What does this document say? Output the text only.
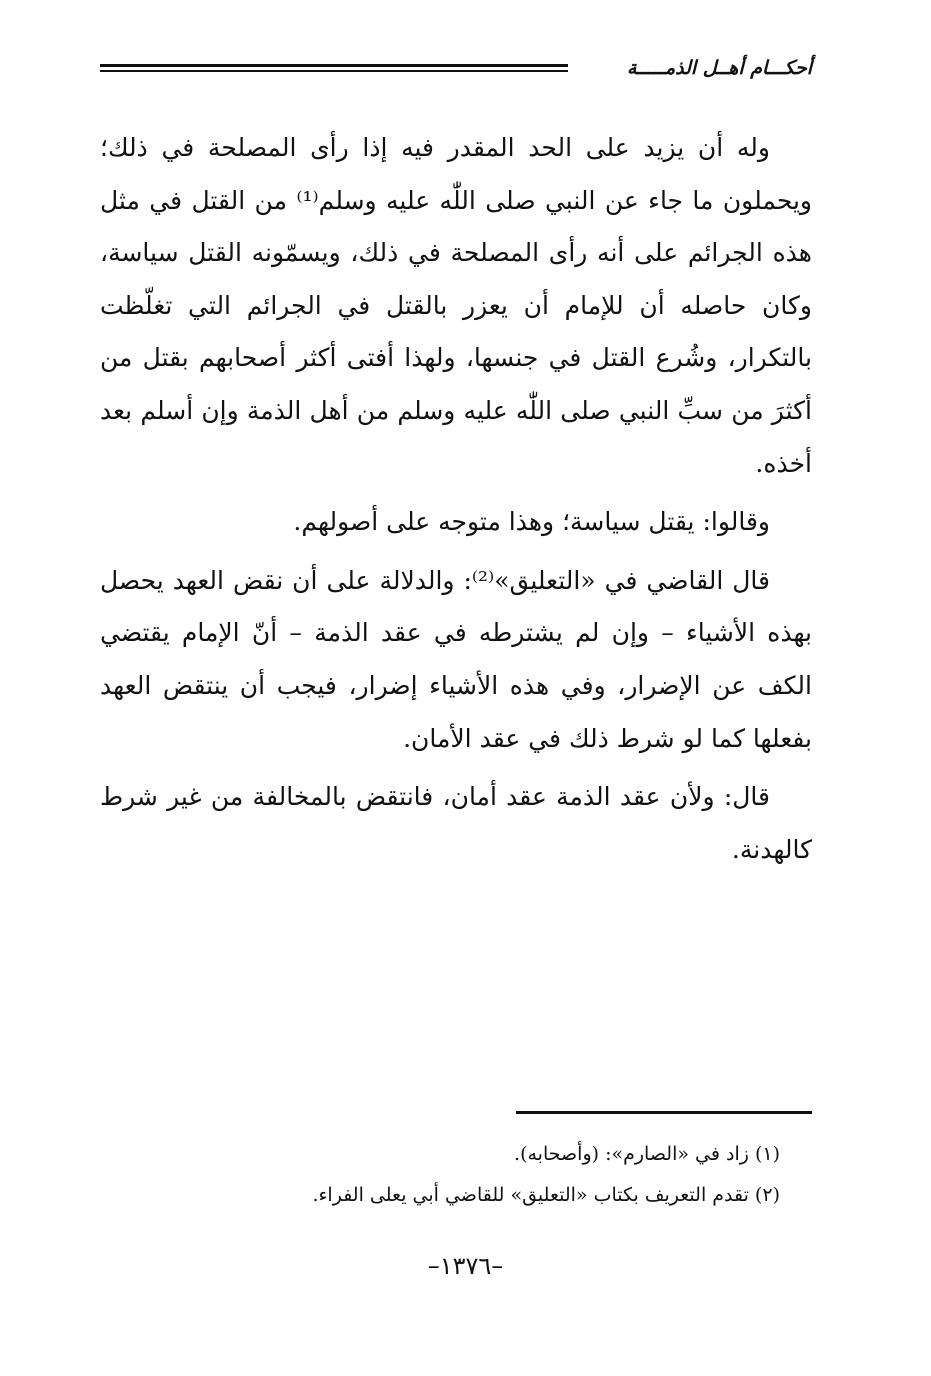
أحكـــام أهــل الذمـــــة

وله أن يزيد على الحد المقدر فيه إذا رأى المصلحة في ذلك؛ ويحملون ما جاء عن النبي صلى اللّٰه عليه وسلم⁽¹⁾ من القتل في مثل هذه الجرائم على أنه رأى المصلحة في ذلك، ويسمّونه القتل سياسة، وكان حاصله أن للإمام أن يعزر بالقتل في الجرائم التي تغلّظت بالتكرار، وشُرع القتل في جنسها، ولهذا أفتى أكثر أصحابهم بقتل من أكثرَ من سبِّ النبي صلى اللّٰه عليه وسلم من أهل الذمة وإن أسلم بعد أخذه.

وقالوا: يقتل سياسة؛ وهذا متوجه على أصولهم.

قال القاضي في «التعليق»⁽²⁾: والدلالة على أن نقض العهد يحصل بهذه الأشياء – وإن لم يشترطه في عقد الذمة – أنّ الإمام يقتضي الكف عن الإضرار، وفي هذه الأشياء إضرار، فيجب أن ينتقض العهد بفعلها كما لو شرط ذلك في عقد الأمان.

قال: ولأن عقد الذمة عقد أمان، فانتقض بالمخالفة من غير شرط كالهدنة.

(١) زاد في «الصارم»: (وأصحابه).

(٢) تقدم التعريف بكتاب «التعليق» للقاضي أبي يعلى الفراء.

–١٣٧٦–
